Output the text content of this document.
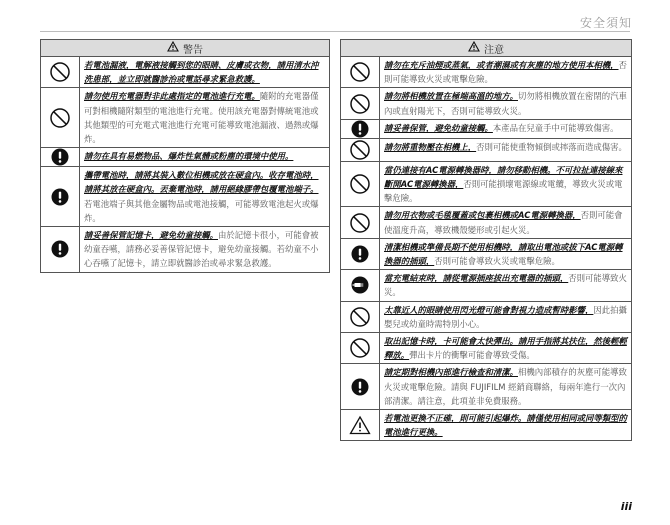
安全須知
警告
若電池漏液，電解液接觸到您的眼睛、皮膚或衣物，請用清水沖洗患部，並立即就醫診治或電話尋求緊急救護。
請勿使用充電器對非此處指定的電池進行充電。隨附的充電器僅可對相機隨附類型的電池進行充電。使用該充電器對傳統電池或其他類型的可充電式電池進行充電可能導致電池漏液、過熱或爆炸。
請勿在具有易燃物品、爆炸性氣體或粉塵的環境中使用。
攜帶電池時，請將其裝入數位相機或放在硬盒內。收存電池時，請將其放在硬盒內。丟棄電池時，請用絕緣膠帶包覆電池端子。若電池端子與其他金屬物品或電池接觸，可能導致電池起火或爆炸。
請妥善保管記憶卡，避免幼童接觸。由於記憶卡很小，可能會被幼童吞嚥，請務必妥善保管記憶卡，避免幼童接觸。若幼童不小心吞嚥了記憶卡，請立即就醫診治或尋求緊急救護。
注意
請勿在充斥油煙或蒸氣，或者潮濕或有灰塵的地方使用本相機，否則可能導致火災或電擊危險。
請勿將相機放置在極端高溫的地方。切勿將相機放置在密閉的汽車內或直射陽光下，否則可能導致火災。
請妥善保管，避免幼童接觸。本產品在兒童手中可能導致傷害。
請勿將重物壓在相機上，否則可能使重物傾倒或摔落而造成傷害。
當仍連接有AC電源轉換器時，請勿移動相機。不可拉扯連接線來斷開AC電源轉換器，否則可能損壞電源線或電纜，導致火災或電擊危險。
請勿用衣物或毛毯覆蓋或包裹相機或AC電源轉換器，否則可能會使溫度升高，導致機殼變形或引起火災。
清潔相機或準備長期不使用相機時，請取出電池或拔下AC電源轉換器的插頭，否則可能會導致火災或電擊危險。
當充電結束時，請從電源插座拔出充電器的插頭，否則可能導致火災。
太靠近人的眼睛使用閃光燈可能會對視力造成暫時影響，因此拍攝嬰兒或幼童時需特別小心。
取出記憶卡時，卡可能會太快彈出。請用手指將其扶住，然後輕輕釋放。彈出卡片的衝擊可能會導致受傷。
請定期對相機內部進行檢查和清潔。相機內部積存的灰塵可能導致火災或電擊危險。請與 FUJIFILM 經銷商聯絡，每兩年進行一次內部清潔。請注意，此項並非免費服務。
若電池更換不正確，則可能引起爆炸。請僅使用相同或同等類型的電池進行更換。
iii
